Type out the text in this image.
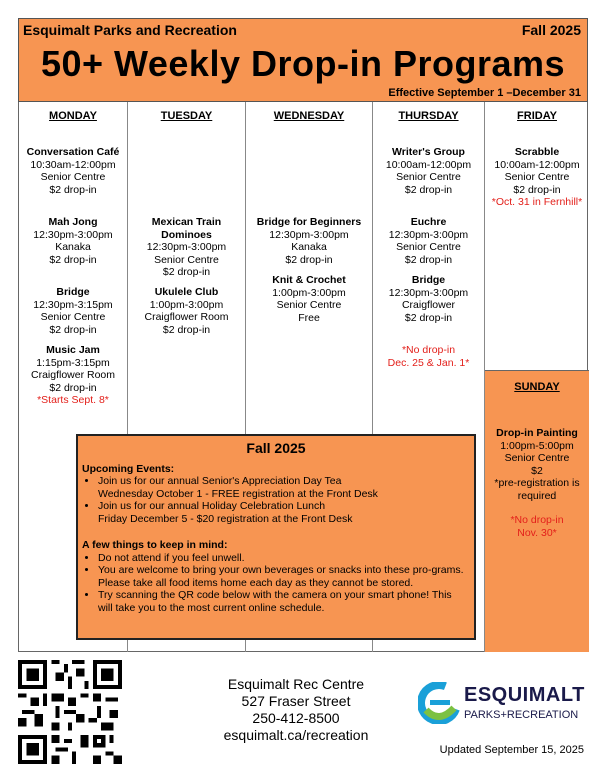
Esquimalt Parks and Recreation	Fall 2025
50+ Weekly Drop-in Programs
Effective September 1 –December 31
MONDAY
Conversation Café
10:30am-12:00pm
Senior Centre
$2 drop-in
Mah Jong
12:30pm-3:00pm
Kanaka
$2 drop-in
Bridge
12:30pm-3:15pm
Senior Centre
$2 drop-in
Music Jam
1:15pm-3:15pm
Craigflower Room
$2 drop-in
*Starts Sept. 8*
TUESDAY
Mexican Train
Dominoes
12:30pm-3:00pm
Senior Centre
$2 drop-in
Ukulele Club
1:00pm-3:00pm
Craigflower Room
$2 drop-in
WEDNESDAY
Bridge for Beginners
12:30pm-3:00pm
Kanaka
$2 drop-in
Knit & Crochet
1:00pm-3:00pm
Senior Centre
Free
THURSDAY
Writer's Group
10:00am-12:00pm
Senior Centre
$2 drop-in
Euchre
12:30pm-3:00pm
Senior Centre
$2 drop-in
Bridge
12:30pm-3:00pm
Craigflower
$2 drop-in
*No drop-in
Dec. 25 & Jan. 1*
FRIDAY
Scrabble
10:00am-12:00pm
Senior Centre
$2 drop-in
*Oct. 31 in Fernhill*
SUNDAY
Drop-in Painting
1:00pm-5:00pm
Senior Centre
$2
*pre-registration is
required
*No drop-in
Nov. 30*
Fall 2025
Upcoming Events:
• Join us for our annual Senior's Appreciation Day Tea
Wednesday October 1 - FREE registration at the Front Desk
• Join us for our annual Holiday Celebration Lunch
Friday December 5 - $20 registration at the Front Desk
A few things to keep in mind:
• Do not attend if you feel unwell.
• You are welcome to bring your own beverages or snacks into these pro-grams. Please take all food items home each day as they cannot be stored.
• Try scanning the QR code below with the camera on your smart phone! This will take you to the most current online schedule.
Esquimalt Rec Centre
527 Fraser Street
250-412-8500
esquimalt.ca/recreation
ESQUIMALT
PARKS+RECREATION
Updated September 15, 2025
